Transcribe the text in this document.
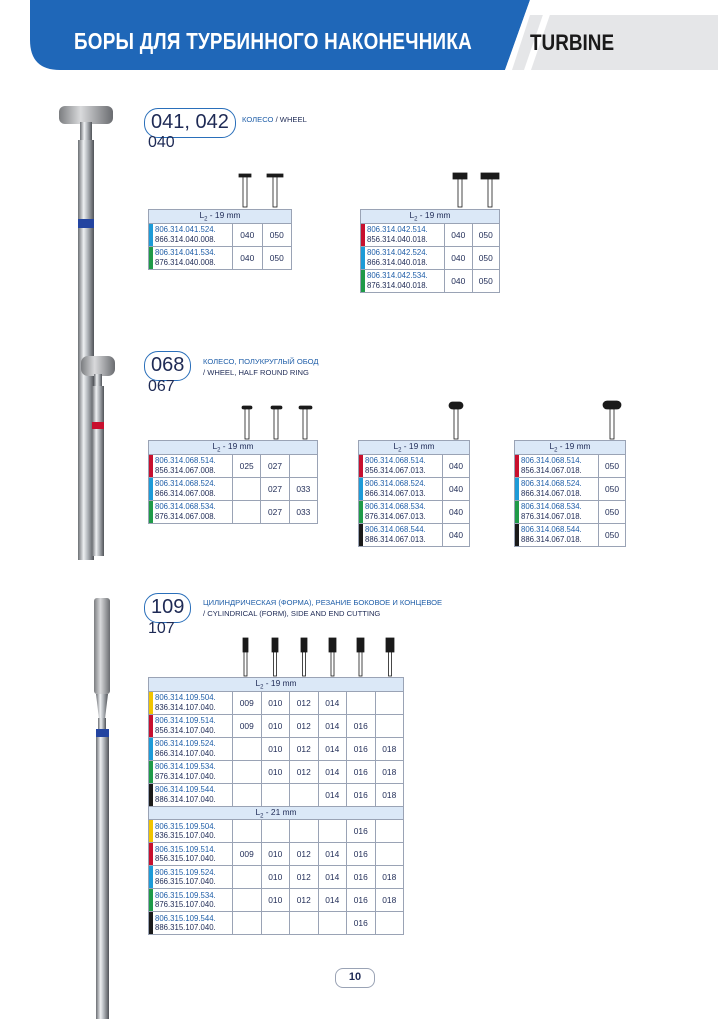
БОРЫ ДЛЯ ТУРБИННОГО НАКОНЕЧНИКА	TURBINE
041, 042
040
КОЛЕСО / WHEEL
$L_2 - 19$ mm		

806.314.041.524.
866.314.040.008.	040	050

806.314.041.534.
876.314.040.008.	040	050
$L_2 - 19$ mm		

806.314.042.514.
856.314.040.018.	040	050

806.314.042.524.
866.314.040.018.	040	050

806.314.042.534.
876.314.040.018.	040	050
068
067
КОЛЕСО, ПОЛУКРУГЛЫЙ ОБОД
/ WHEEL, HALF ROUND RING
$L_2 - 19$ mm			

806.314.068.514.
856.314.067.008.	025	027	

806.314.068.524.
866.314.067.008.		027	033

806.314.068.534.
876.314.067.008.		027	033
$L_2 - 19$ mm	

806.314.068.514.
856.314.067.013.	040

806.314.068.524.
866.314.067.013.	040

806.314.068.534.
876.314.067.013.	040

806.314.068.544.
886.314.067.013.	040
$L_2 - 19$ mm	

806.314.068.514.
856.314.067.018.	050

806.314.068.524.
866.314.067.018.	050

806.314.068.534.
876.314.067.018.	050

806.314.068.544.
886.314.067.018.	050
109
107
ЦИЛИНДРИЧЕСКАЯ (ФОРМА), РЕЗАНИЕ БОКОВОЕ И КОНЦЕВОЕ
/ CYLINDRICAL (FORM), SIDE AND END CUTTING
$L_2 - 19$ mm						

806.314.109.504.
836.314.107.040.	009	010	012	014		

806.314.109.514.
856.314.107.040.	009	010	012	014	016	

806.314.109.524.
866.314.107.040.		010	012	014	016	018

806.314.109.534.
876.314.107.040.		010	012	014	016	018

806.314.109.544.
886.314.107.040.				014	016	018
$L_2 - 21$ mm						

806.315.109.504.
836.315.107.040.					016	

806.315.109.514.
856.315.107.040.	009	010	012	014	016	

806.315.109.524.
866.315.107.040.		010	012	014	016	018

806.315.109.534.
876.315.107.040.		010	012	014	016	018

806.315.109.544.
886.315.107.040.					016	
10
